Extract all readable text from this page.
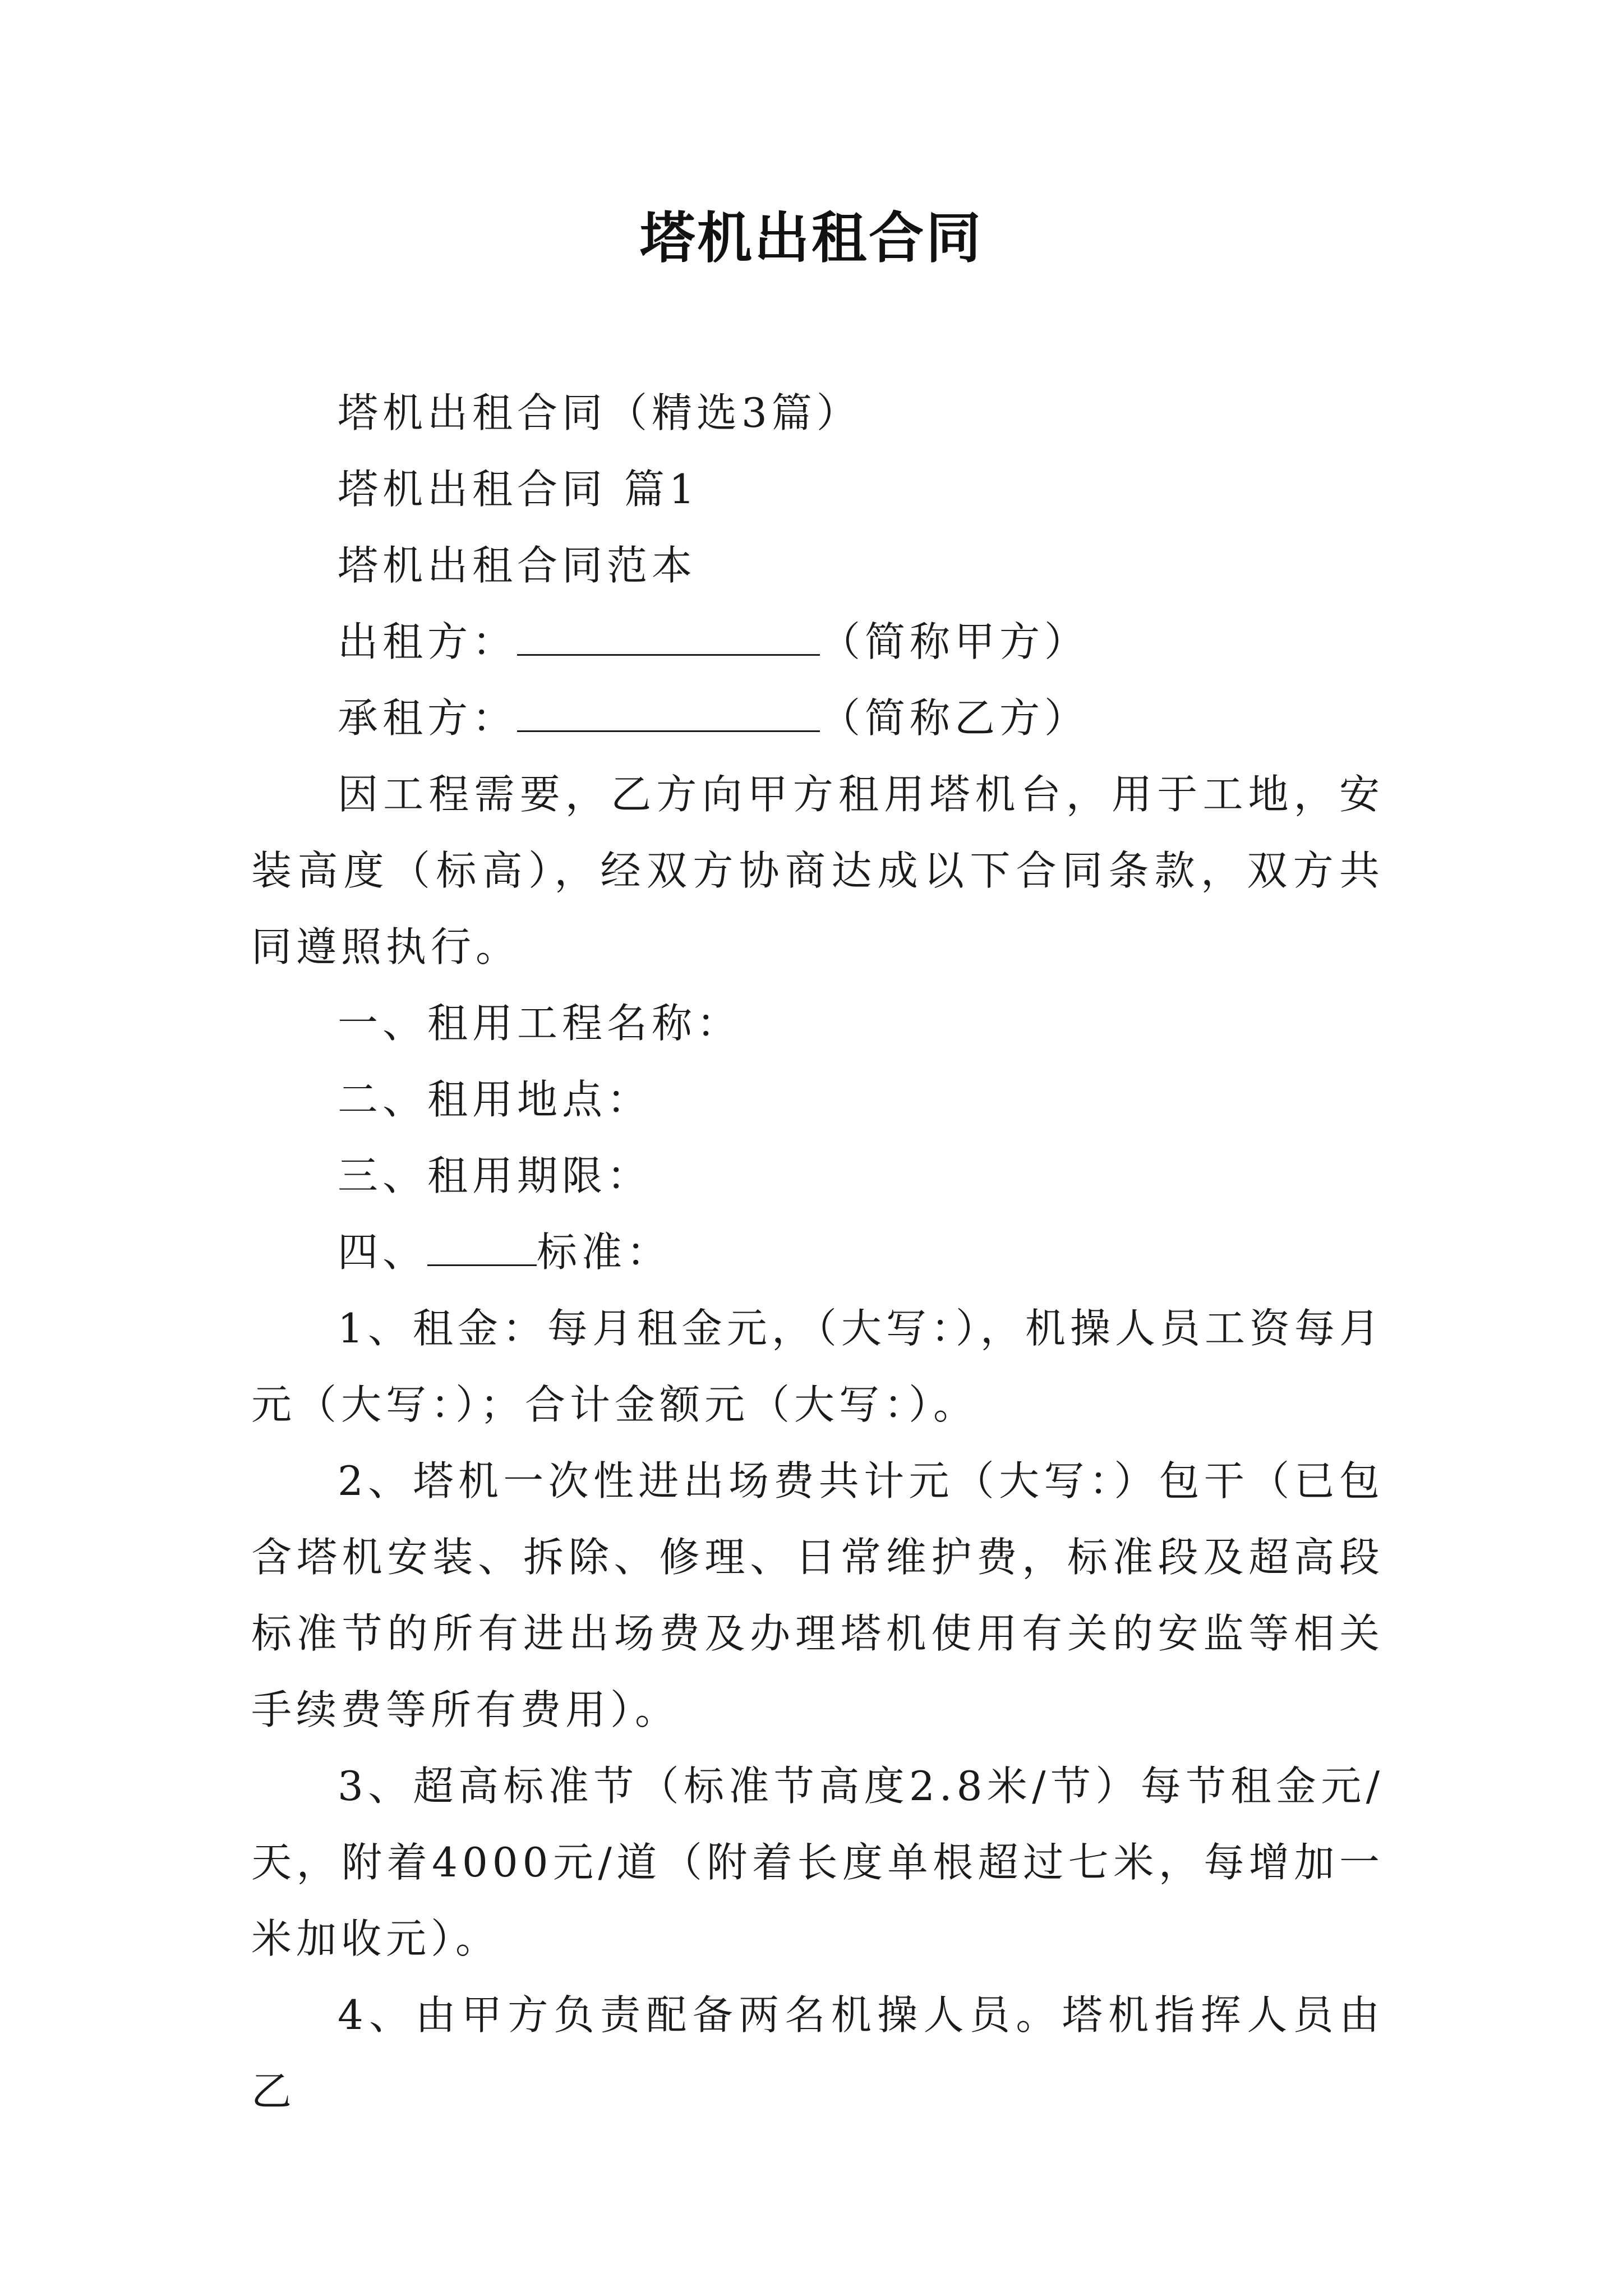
塔机出租合同

塔机出租合同（精选3篇）

塔机出租合同 篇1

塔机出租合同范本

出租方：	（简称甲方）

承租方：	（简称乙方）

因工程需要，乙方向甲方租用塔机台，用于工地，安装高度（标高），经双方协商达成以下合同条款，双方共同遵照执行。

一、租用工程名称：

二、租用地点：

三、租用期限：

四、	标准：

1、租金：每月租金元，（大写：），机操人员工资每月元（大写：）；合计金额元（大写：）。

2、塔机一次性进出场费共计元（大写：）包干（已包含塔机安装、拆除、修理、日常维护费，标准段及超高段标准节的所有进出场费及办理塔机使用有关的安监等相关手续费等所有费用）。

3、超高标准节（标准节高度2.8米/节）每节租金元/天，附着4000元/道（附着长度单根超过七米，每增加一米加收元）。

4、由甲方负责配备两名机操人员。塔机指挥人员由乙
